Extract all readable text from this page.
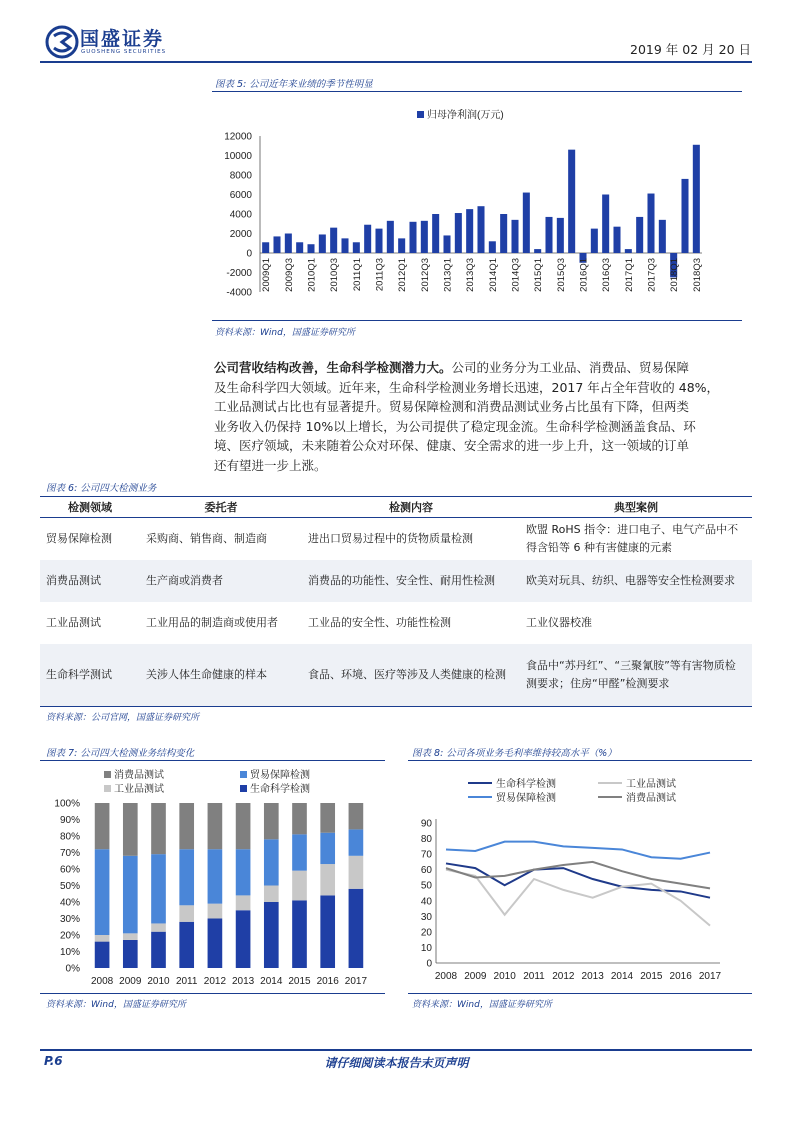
国盛证券
GUOSHENG SECURITIES	2019 年 02 月 20 日
图表 5: 公司近年来业绩的季节性明显
12000
10000
8000
6000
4000
2000
0
-2000
-4000
2009Q1 2009Q3 2010Q1 2010Q3 2011Q1 2011Q3 2012Q1 2012Q3 2013Q1 2013Q3 2014Q1 2014Q3 2015Q1 2015Q3 2016Q1 2016Q3 2017Q1 2017Q3 2018Q1 2018Q3
归母净利润(万元)
资料来源：Wind，国盛证券研究所
公司营收结构改善，生命科学检测潜力大。公司的业务分为工业品、消费品、贸易保障
及生命科学四大领域。近年来，生命科学检测业务增长迅速，2017 年占全年营收的 48%，
工业品测试占比也有显著提升。贸易保障检测和消费品测试业务占比虽有下降，但两类
业务收入仍保持 10%以上增长，为公司提供了稳定现金流。生命科学检测涵盖食品、环
境、医疗领域，未来随着公众对环保、健康、安全需求的进一步上升，这一领域的订单
还有望进一步上涨。
图表 6: 公司四大检测业务
检测领域	委托者	检测内容	典型案例
贸易保障检测	采购商、销售商、制造商	进出口贸易过程中的货物质量检测	欧盟 RoHS 指令：进口电子、电气产品中不得含铅等 6 种有害健康的元素
消费品测试	生产商或消费者	消费品的功能性、安全性、耐用性检测	欧美对玩具、纺织、电器等安全性检测要求
工业品测试	工业用品的制造商或使用者	工业品的安全性、功能性检测	工业仪器校准
生命科学测试	关涉人体生命健康的样本	食品、环境、医疗等涉及人类健康的检测	食品中“苏丹红”、“三聚氰胺”等有害物质检测要求；住房“甲醛”检测要求
资料来源：公司官网，国盛证券研究所
图表 7: 公司四大检测业务结构变化
100%
90%
80%
70%
60%
50%
40%
30%
20%
10%
0%
2008 2009 2010 2011 2012 2013 2014 2015 2016 2017
消费品测试	贸易保障检测
工业品测试	生命科学检测
资料来源：Wind，国盛证券研究所
图表 8: 公司各项业务毛利率维持较高水平（%）
90
80
70
60
50
40
30
20
10
0
2008 2009 2010 2011 2012 2013 2014 2015 2016 2017
生命科学检测	工业品测试
贸易保障检测	消费品测试
资料来源：Wind，国盛证券研究所
P.6	请仔细阅读本报告末页声明
